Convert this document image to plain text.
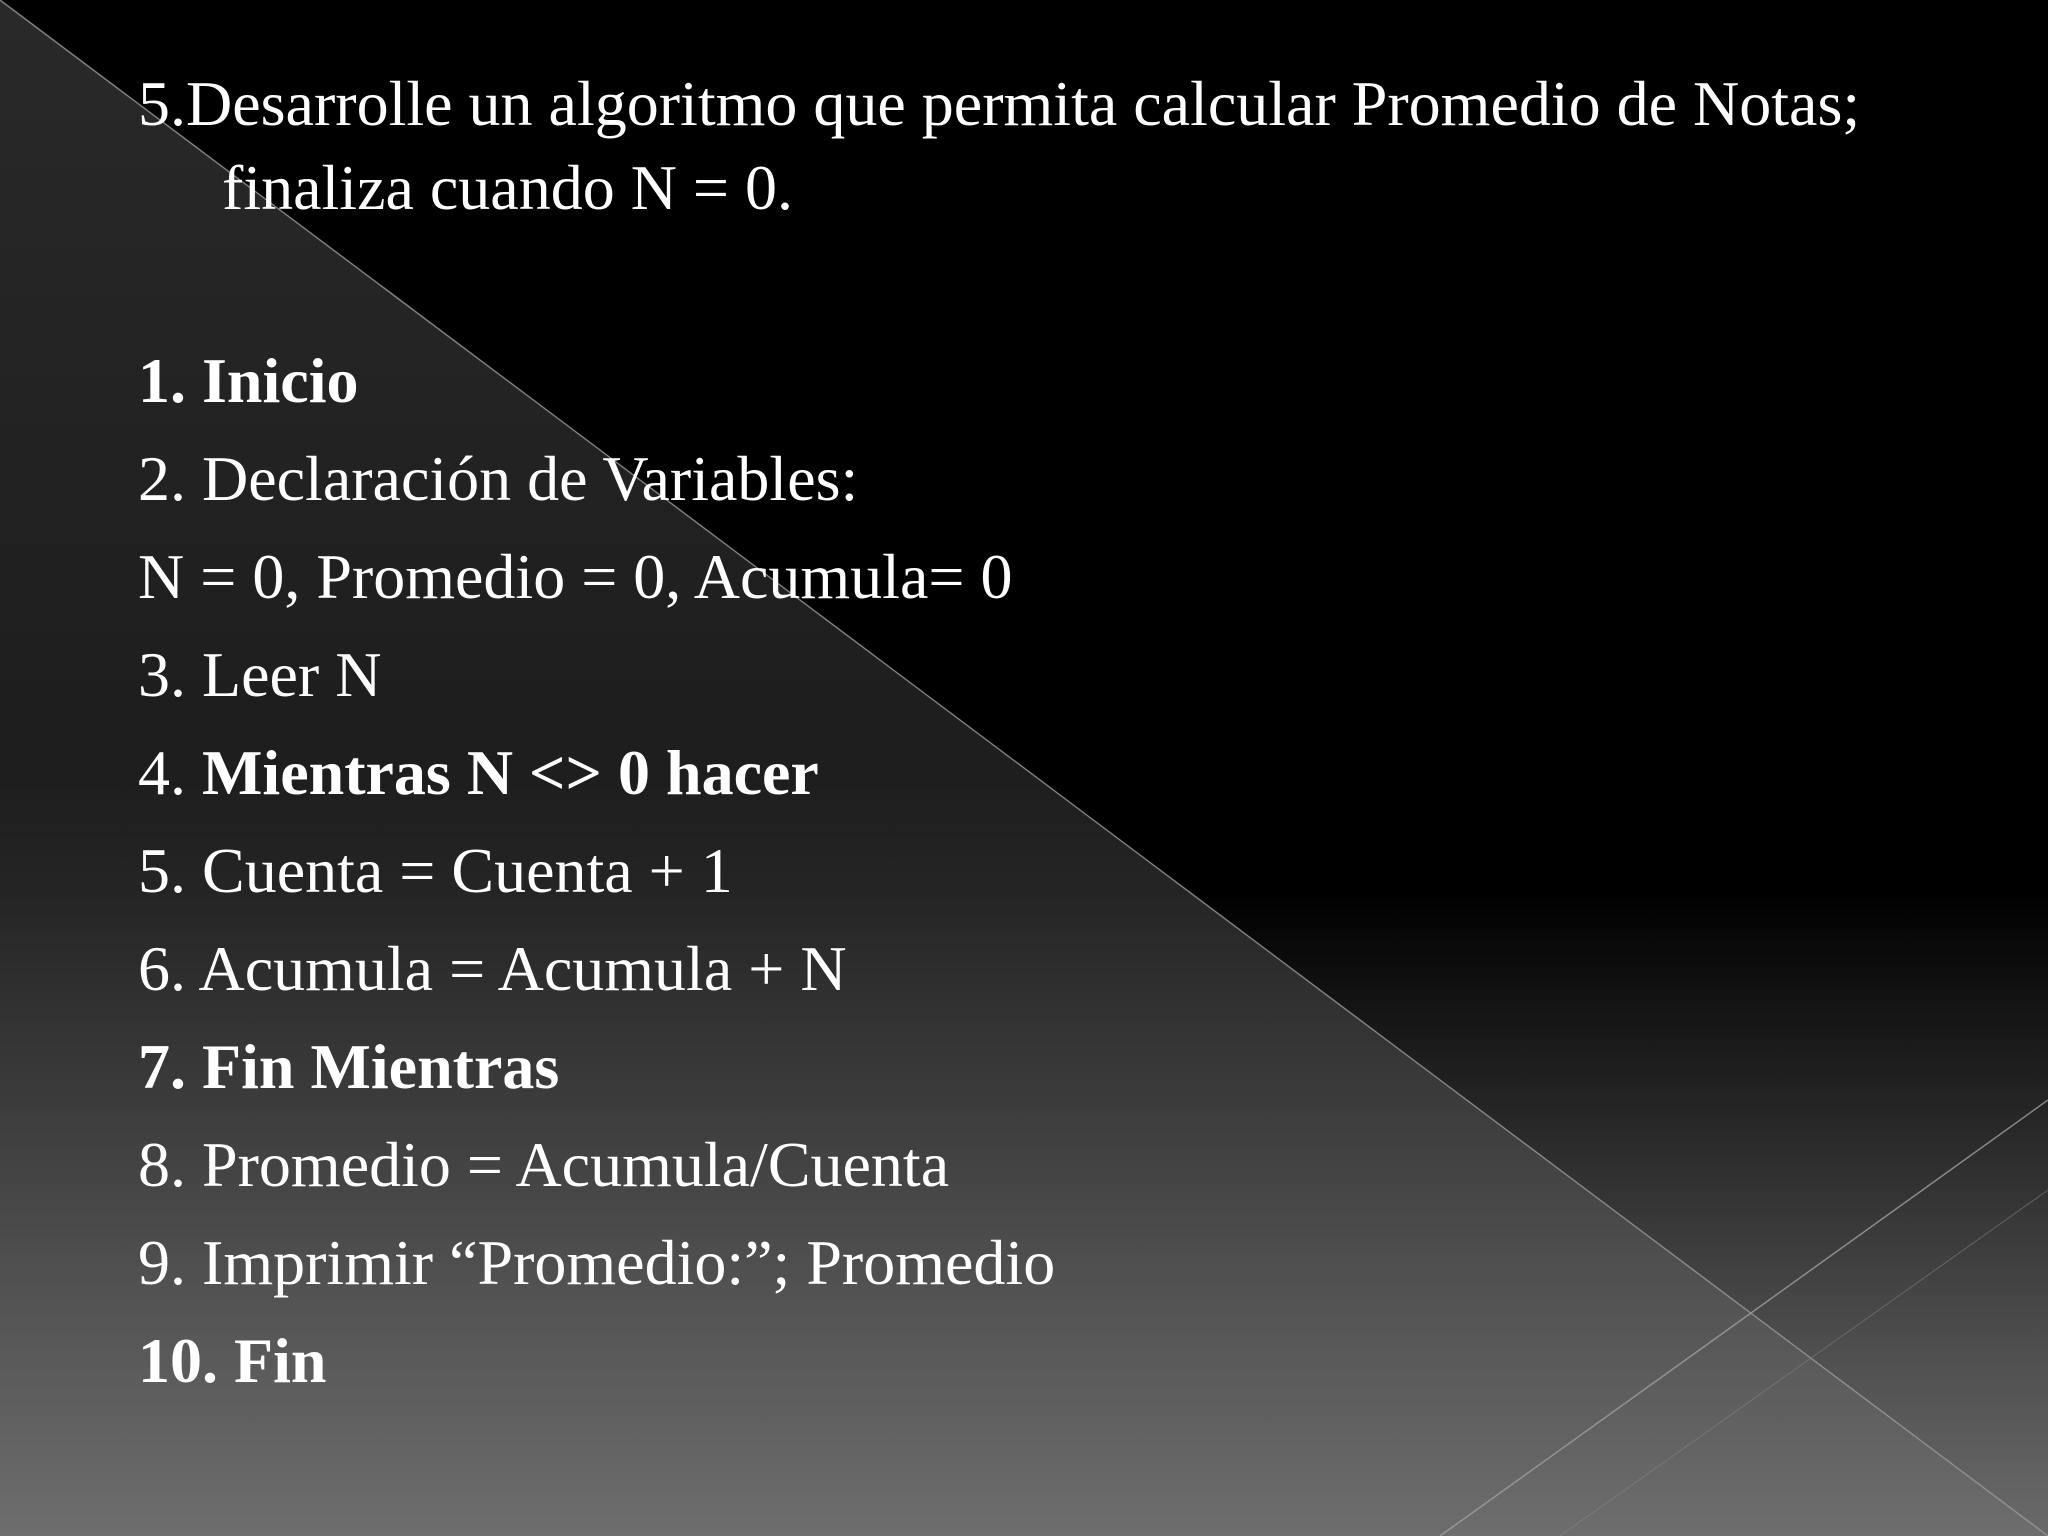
5.Desarrolle un algoritmo que permita calcular Promedio de Notas; finaliza cuando N = 0.

1. Inicio
2. Declaración de Variables:
N = 0, Promedio = 0, Acumula= 0
3. Leer N
4. Mientras N <> 0 hacer
5. Cuenta = Cuenta + 1
6. Acumula = Acumula + N
7. Fin Mientras
8. Promedio = Acumula/Cuenta
9. Imprimir “Promedio:”; Promedio
10. Fin
